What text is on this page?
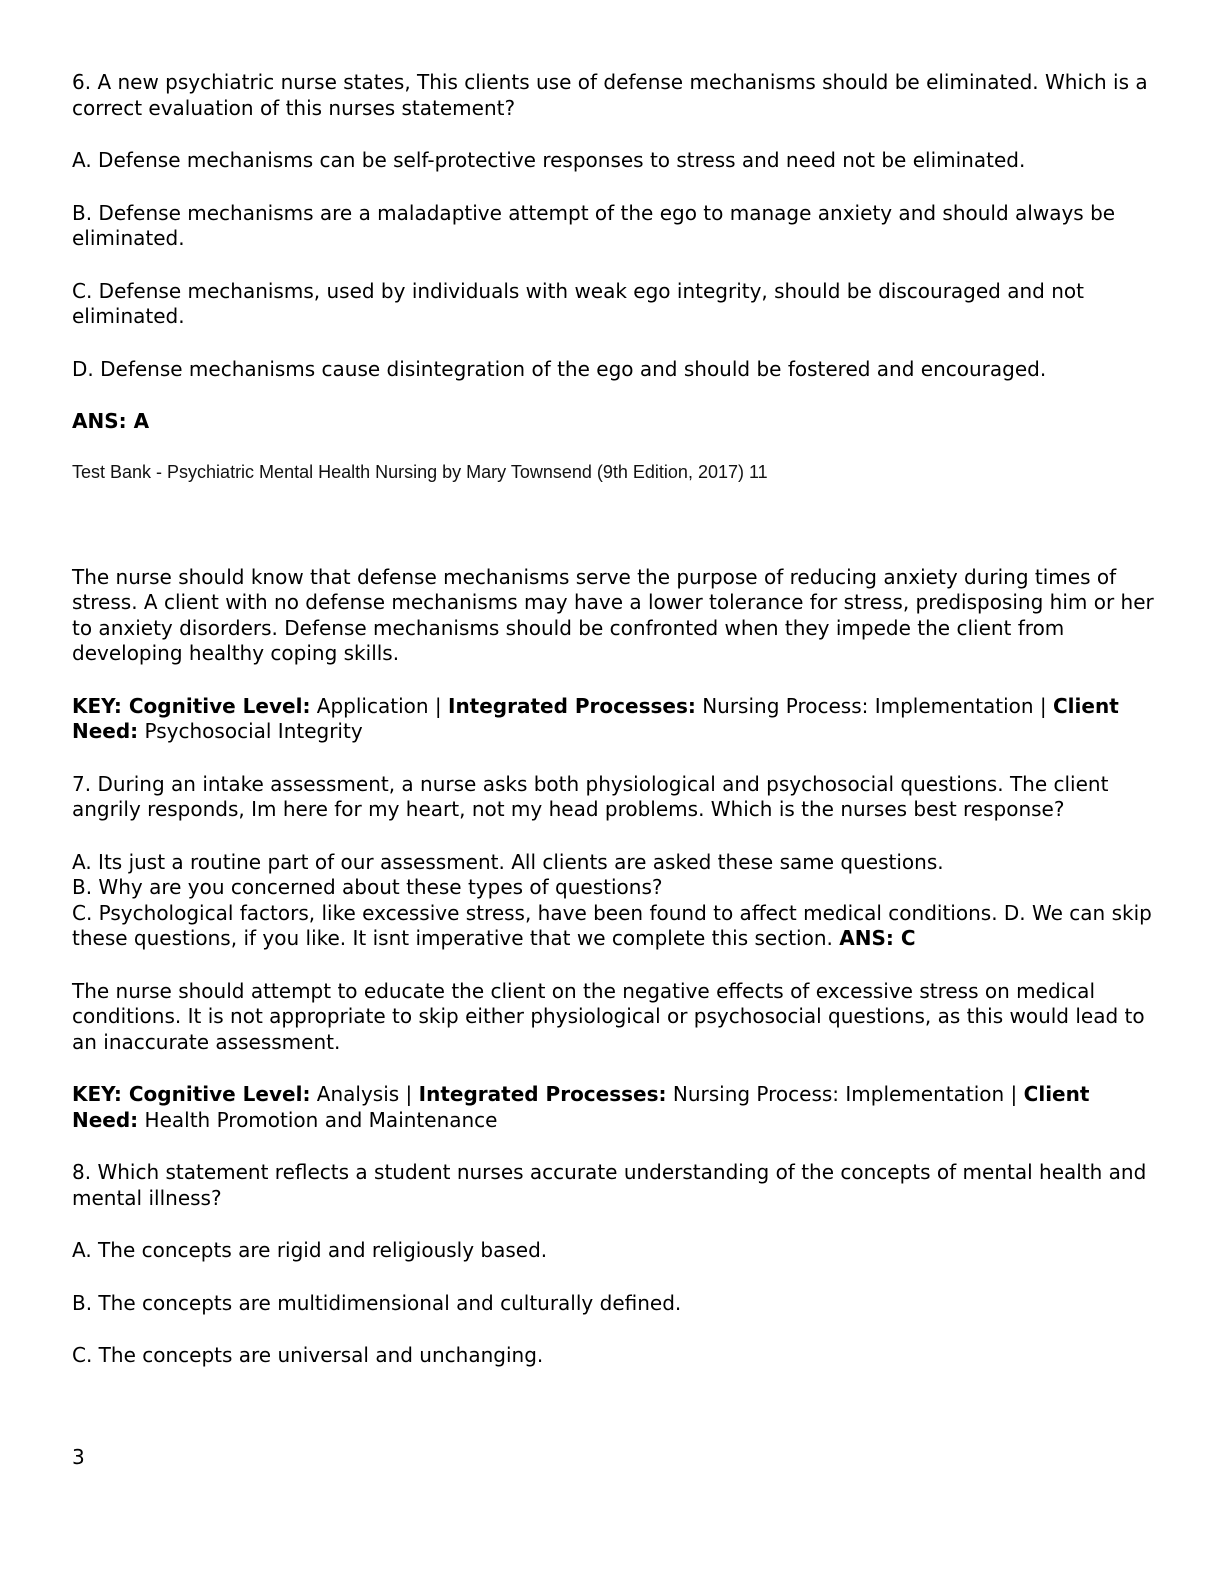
6. A new psychiatric nurse states, This clients use of defense mechanisms should be eliminated. Which is a correct evaluation of this nurses statement?

A. Defense mechanisms can be self-protective responses to stress and need not be eliminated.

B. Defense mechanisms are a maladaptive attempt of the ego to manage anxiety and should always be eliminated.

C. Defense mechanisms, used by individuals with weak ego integrity, should be discouraged and not eliminated.

D. Defense mechanisms cause disintegration of the ego and should be fostered and encouraged.

ANS: A

Test Bank - Psychiatric Mental Health Nursing by Mary Townsend (9th Edition, 2017) 11

The nurse should know that defense mechanisms serve the purpose of reducing anxiety during times of stress. A client with no defense mechanisms may have a lower tolerance for stress, predisposing him or her to anxiety disorders. Defense mechanisms should be confronted when they impede the client from developing healthy coping skills.

KEY: Cognitive Level: Application | Integrated Processes: Nursing Process: Implementation | Client Need: Psychosocial Integrity

7. During an intake assessment, a nurse asks both physiological and psychosocial questions. The client angrily responds, Im here for my heart, not my head problems. Which is the nurses best response?

A. Its just a routine part of our assessment. All clients are asked these same questions.

B. Why are you concerned about these types of questions?

C. Psychological factors, like excessive stress, have been found to affect medical conditions. D. We can skip these questions, if you like. It isnt imperative that we complete this section. ANS: C

The nurse should attempt to educate the client on the negative effects of excessive stress on medical conditions. It is not appropriate to skip either physiological or psychosocial questions, as this would lead to an inaccurate assessment.

KEY: Cognitive Level: Analysis | Integrated Processes: Nursing Process: Implementation | Client Need: Health Promotion and Maintenance

8. Which statement reflects a student nurses accurate understanding of the concepts of mental health and mental illness?

A. The concepts are rigid and religiously based.

B. The concepts are multidimensional and culturally defined.

C. The concepts are universal and unchanging.

3
